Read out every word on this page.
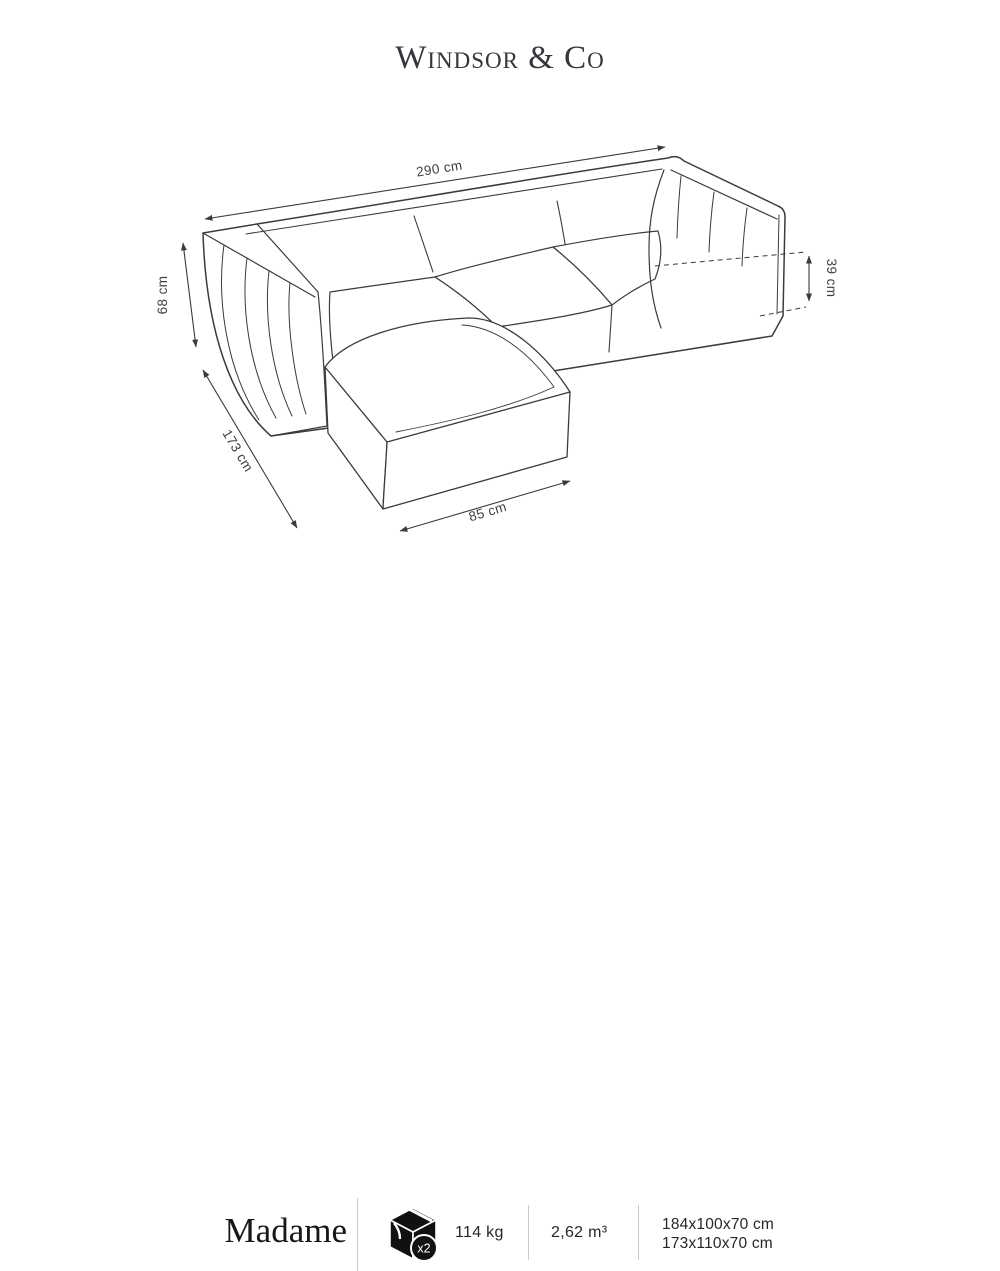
Windsor & Co
290 cm
68 cm
173 cm
85 cm
39 cm
Madame	x2
114 kg	2,62 m³	184x100x70 cm
173x110x70 cm
